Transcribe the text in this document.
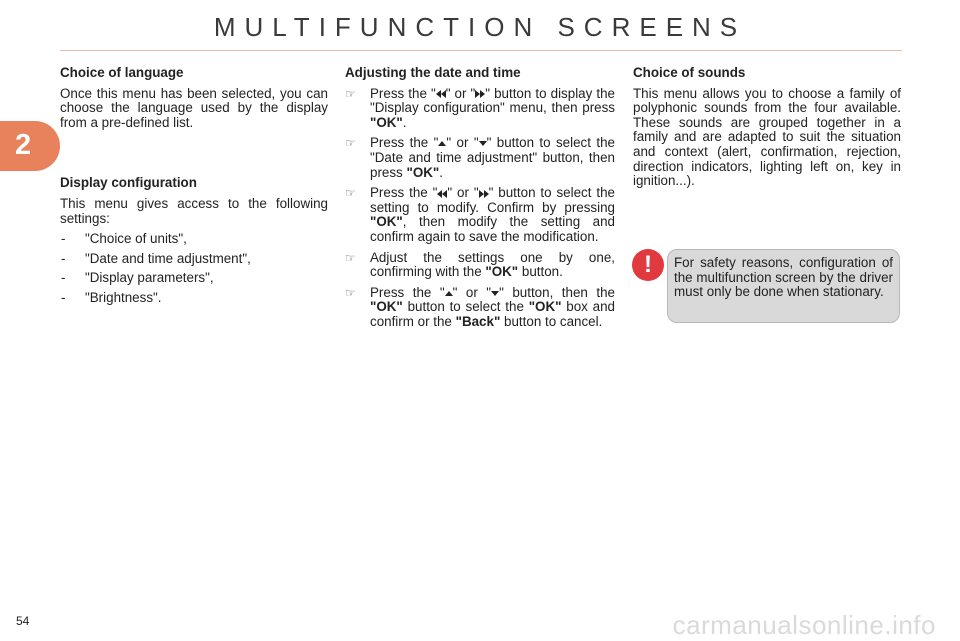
MULTIFUNCTION SCREENS
2
Choice of language
Once this menu has been selected, you can choose the language used by the display from a pre-defined list.
Display configuration
This menu gives access to the following settings:
- "Choice of units",
- "Date and time adjustment",
- "Display parameters",
- "Brightness".
Adjusting the date and time
☞ Press the " " or " " button to display the "Display configuration" menu, then press "OK".
☞ Press the " " or " " button to select the "Date and time adjustment" button, then press "OK".
☞ Press the " " or " " button to select the setting to modify. Confirm by pressing "OK", then modify the setting and confirm again to save the modification.
☞ Adjust the settings one by one, confirming with the "OK" button.
☞ Press the " " or " " button, then the "OK" button to select the "OK" box and confirm or the "Back" button to cancel.
Choice of sounds
This menu allows you to choose a family of polyphonic sounds from the four available. These sounds are grouped together in a family and are adapted to suit the situation and context (alert, confirmation, rejection, direction indicators, lighting left on, key in ignition...).
!	For safety reasons, configuration of the multifunction screen by the driver must only be done when stationary.
54	carmanualsonline.info
